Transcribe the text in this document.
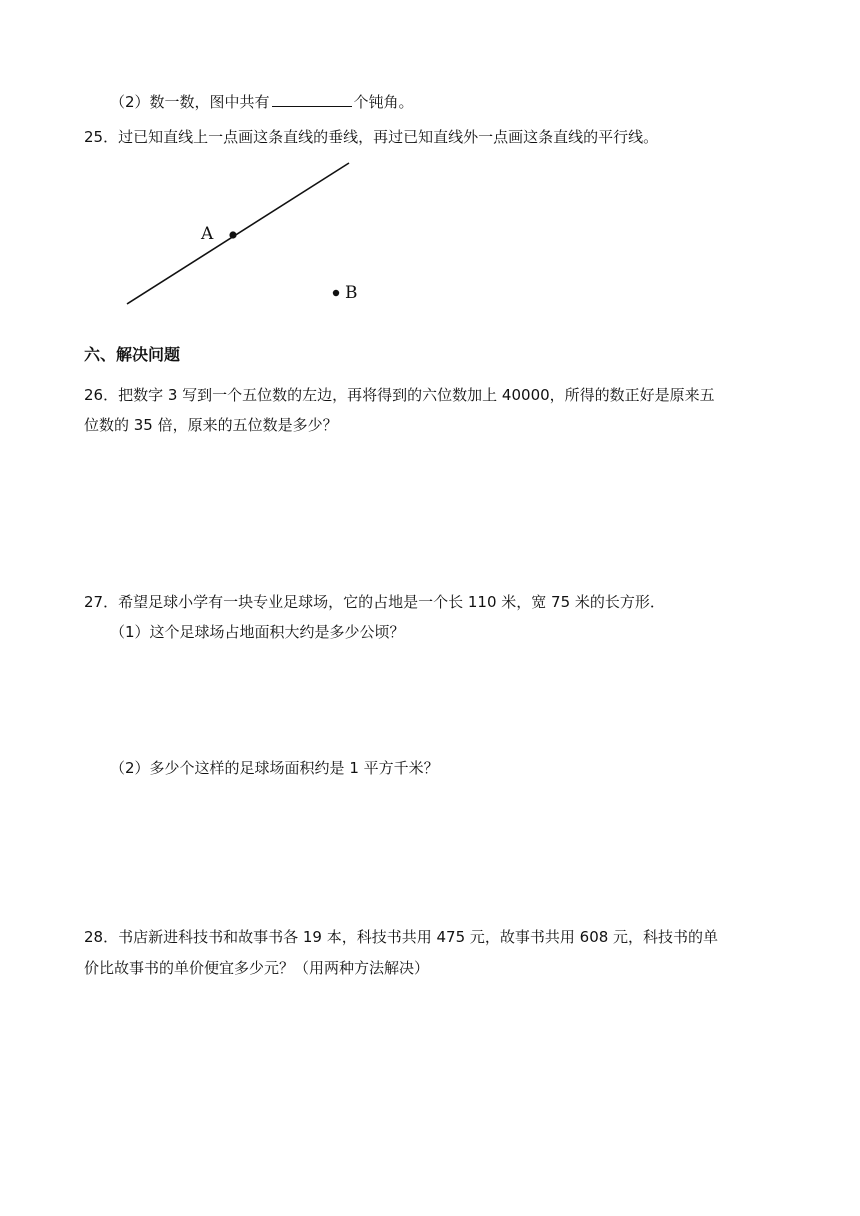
（2）数一数，图中共有	个钝角。
25．过已知直线上一点画这条直线的垂线，再过已知直线外一点画这条直线的平行线。
A
B
六、解决问题
26．把数字 3 写到一个五位数的左边，再将得到的六位数加上 40000，所得的数正好是原来五
位数的 35 倍，原来的五位数是多少？
27．希望足球小学有一块专业足球场，它的占地是一个长 110 米，宽 75 米的长方形．
（1）这个足球场占地面积大约是多少公顷？
（2）多少个这样的足球场面积约是 1 平方千米？
28．书店新进科技书和故事书各 19 本，科技书共用 475 元，故事书共用 608 元，科技书的单
价比故事书的单价便宜多少元？（用两种方法解决）
